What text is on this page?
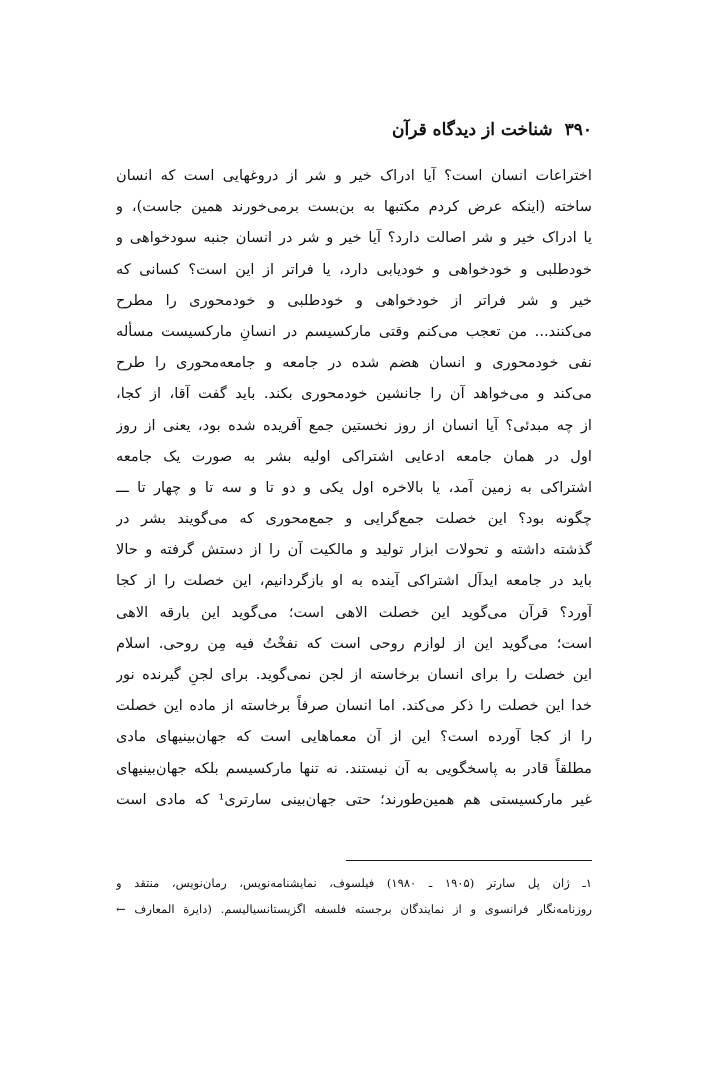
۳۹۰
شناخت از دیدگاه قرآن
اختراعات انسان است؟ آیا ادراک خیر و شر از دروغهایی است که انسان
ساخته (اینکه عرض کردم مکتبها به بن‌بست برمی‌خورند همین جاست)، و
یا ادراک خیر و شر اصالت دارد؟ آیا خیر و شر در انسان جنبه سودخواهی و
خودطلبی و خودخواهی و خودیابی دارد، یا فراتر از این است؟ کسانی که
خیر و شر فراتر از خودخواهی و خودطلبی و خودمحوری را مطرح
می‌کنند... من تعجب می‌کنم وقتی مارکسیسم در انسانِ مارکسیست مسأله
نفی خودمحوری و انسان هضم شده در جامعه و جامعه‌محوری را طرح
می‌کند و می‌خواهد آن را جانشین خودمحوری بکند. باید گفت آقا، از کجا،
از چه مبدئی؟ آیا انسان از روز نخستین جمع آفریده شده بود، یعنی از روز
اول در همان جامعه ادعایی اشتراکی اولیه بشر به صورت یک جامعه
اشتراکی به زمین آمد، یا بالاخره اول یکی و دو تا و سه تا و چهار تا ـــ
چگونه بود؟ این خصلت جمع‌گرایی و جمع‌محوری که می‌گویند بشر در
گذشته داشته و تحولات ابزار تولید و مالکیت آن را از دستش گرفته و حالا
باید در جامعه ایدآل اشتراکی آینده به او بازگردانیم، این خصلت را از کجا
آورد؟ قرآن می‌گوید این خصلت الاهی است؛ می‌گوید این بارقه الاهی
است؛ می‌گوید این از لوازم روحی است که نفخْتُ فیه مِن روحی. اسلام
این خصلت را برای انسان برخاسته از لجن نمی‌گوید. برای لجنِ گیرنده نور
خدا این خصلت را ذکر می‌کند. اما انسان صرفاً برخاسته از ماده این خصلت
را از کجا آورده است؟ این از آن معماهایی است که جهان‌بینیهای مادی
مطلقاً قادر به پاسخگویی به آن نیستند. نه تنها مارکسیسم بلکه جهان‌بینیهای
غیر مارکسیستی هم همین‌طورند؛ حتی جهان‌بینی سارتری¹ که مادی است
۱ـ ژان پل سارتر (۱۹۰۵ ـ ۱۹۸۰) فیلسوف، نمایشنامه‌نویس، رمان‌نویس، منتقد و
روزنامه‌نگار فرانسوی و از نمایندگان برجسته فلسفه اگزیستانسیالیسم. (دایرة المعارف ←
